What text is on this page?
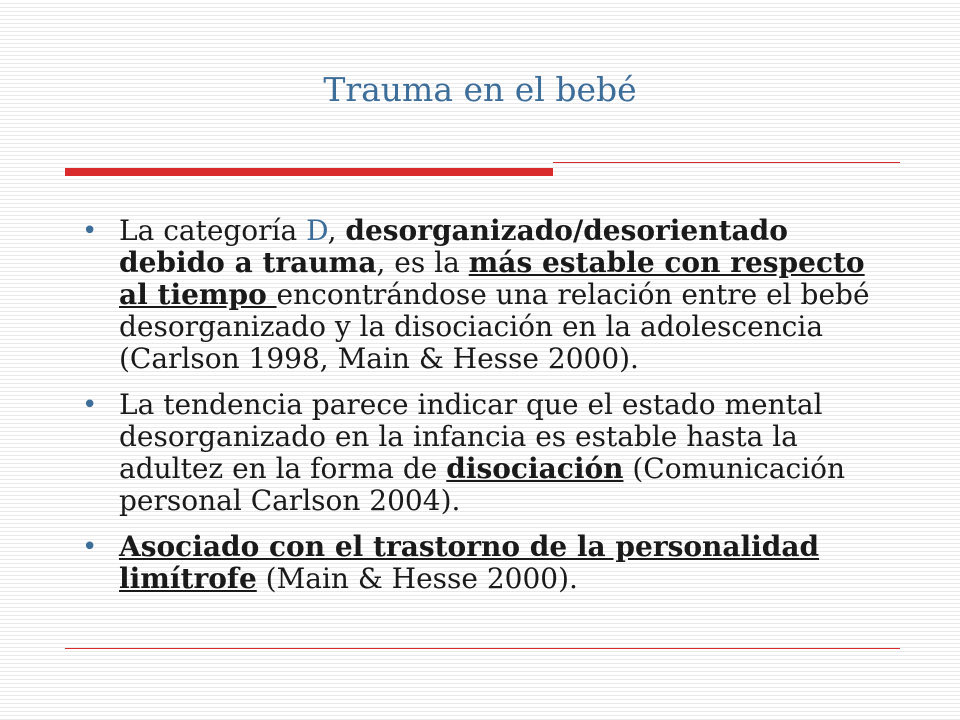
Trauma en el bebé
• La categoría D, desorganizado/desorientado debido a trauma, es la más estable con respecto al tiempo encontrándose una relación entre el bebé desorganizado y la disociación en la adolescencia (Carlson 1998, Main & Hesse 2000).
• La tendencia parece indicar que el estado mental desorganizado en la infancia es estable hasta la adultez en la forma de disociación (Comunicación personal Carlson 2004).
• Asociado con el trastorno de la personalidad limítrofe (Main & Hesse 2000).
